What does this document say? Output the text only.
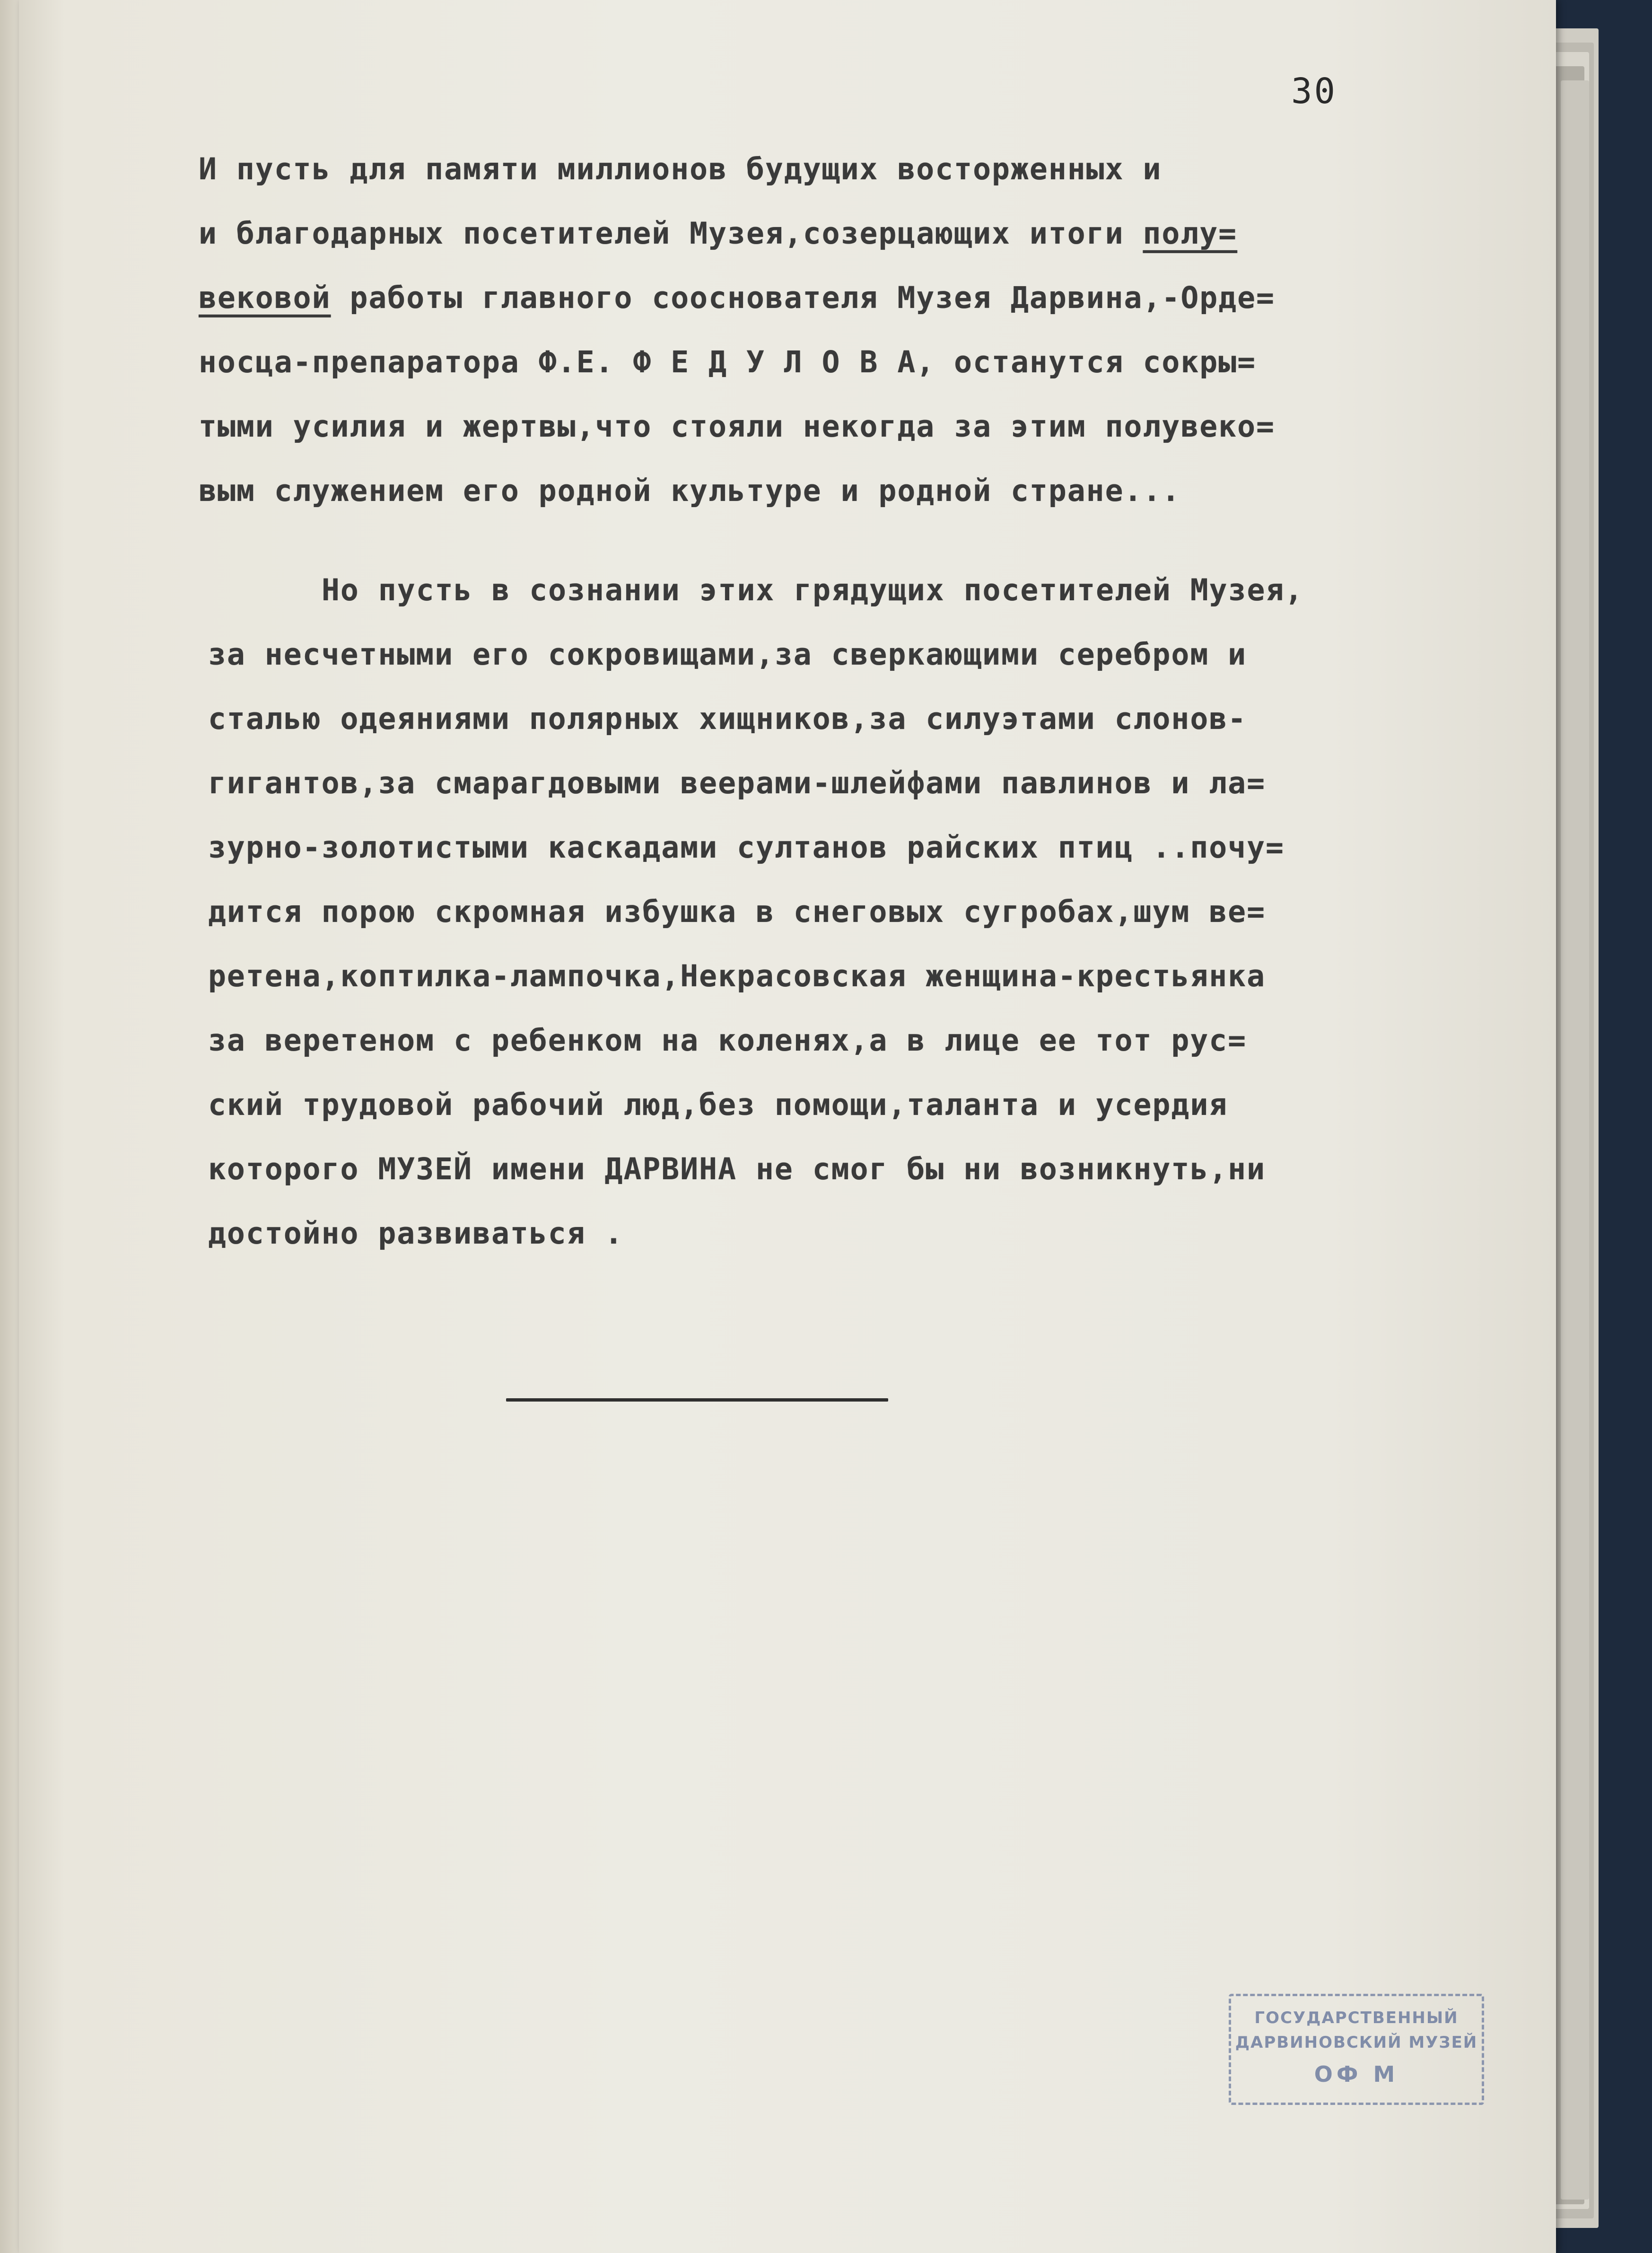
30
И пусть для памяти миллионов будущих восторженных и
и благодарных посетителей Музея,созерцающих итоги полу=
вековой работы главного сооснователя Музея Дарвина,-Орде=
носца-препаратора Ф.Е. Ф Е Д У Л О В А, останутся сокры=
тыми усилия и жертвы,что стояли некогда за этим полувеко=
вым служением его родной культуре и родной стране...
Но пусть в сознании этих грядущих посетителей Музея,
за несчетными его сокровищами,за сверкающими серебром и
сталью одеяниями полярных хищников,за силуэтами слонов-
гигантов,за смарагдовыми веерами-шлейфами павлинов и ла=
зурно-золотистыми каскадами султанов райских птиц ..почу=
дится порою скромная избушка в снеговых сугробах,шум ве=
ретена,коптилка-лампочка,Некрасовская женщина-крестьянка
за веретеном с ребенком на коленях,а в лице ее тот рус=
ский трудовой рабочий люд,без помощи,таланта и усердия
которого МУЗЕЙ имени ДАРВИНА не смог бы ни возникнуть,ни
достойно развиваться .
ГОСУДАРСТВЕННЫЙ
ДАРВИНОВСКИЙ МУЗЕЙ
ОФ М
